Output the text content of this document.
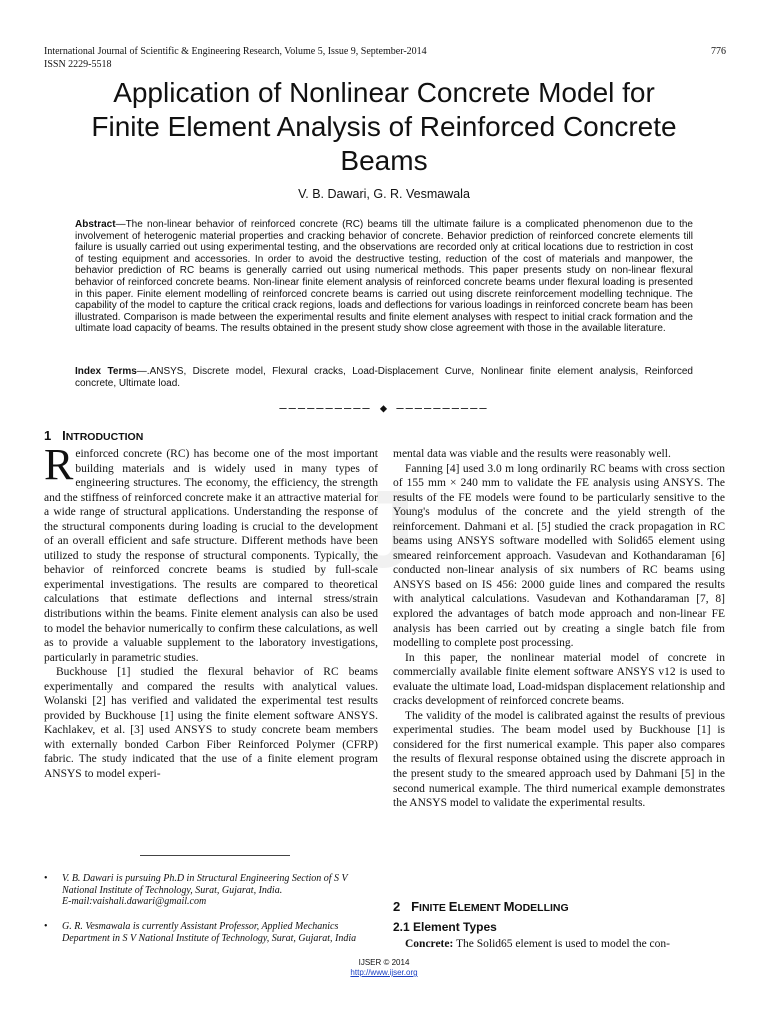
International Journal of Scientific & Engineering Research, Volume 5, Issue 9, September-2014	776
ISSN 2229-5518
J
Application of Nonlinear Concrete Model for
Finite Element Analysis of Reinforced Concrete
Beams
V. B. Dawari, G. R. Vesmawala
Abstract—The non-linear behavior of reinforced concrete (RC) beams till the ultimate failure is a complicated phenomenon due to the involvement of heterogenic material properties and cracking behavior of concrete. Behavior prediction of reinforced concrete elements till failure is usually carried out using experimental testing, and the observations are recorded only at critical locations due to restriction in cost of testing equipment and accessories. In order to avoid the destructive testing, reduction of the cost of materials and manpower, the behavior prediction of RC beams is generally carried out using numerical methods. This paper presents study on non-linear flexural behavior of reinforced concrete beams. Non-linear finite element analysis of reinforced concrete beams under flexural loading is presented in this paper. Finite element modelling of reinforced concrete beams is carried out using discrete reinforcement modelling technique. The capability of the model to capture the critical crack regions, loads and deflections for various loadings in reinforced concrete beam has been illustrated. Comparison is made between the experimental results and finite element analyses with respect to initial crack formation and the ultimate load capacity of beams. The results obtained in the present study show close agreement with those in the available literature.
Index Terms—.ANSYS, Discrete model, Flexural cracks, Load-Displacement Curve, Nonlinear finite element analysis, Reinforced concrete, Ultimate load.
—————————— ◆ ——————————
1 INTRODUCTION

Reinforced concrete (RC) has become one of the most important building materials and is widely used in many types of engineering structures. The economy, the efficiency, the strength and the stiffness of reinforced concrete make it an attractive material for a wide range of structural applications. Understanding the response of the structural components during loading is crucial to the development of an overall efficient and safe structure. Different methods have been utilized to study the response of structural components. Typically, the behavior of reinforced concrete beams is studied by full-scale experimental investigations. The results are compared to theoretical calculations that estimate deflections and internal stress/strain distributions within the beams. Finite element analysis can also be used to model the behavior numerically to confirm these calculations, as well as to provide a valuable supplement to the laboratory investigations, particularly in parametric studies.

Buckhouse [1] studied the flexural behavior of RC beams experimentally and compared the results with analytical values. Wolanski [2] has verified and validated the experimental test results provided by Buckhouse [1] using the finite element software ANSYS. Kachlakev, et al. [3] used ANSYS to study concrete beam members with externally bonded Carbon Fiber Reinforced Polymer (CFRP) fabric. The study indicated that the use of a finite element program ANSYS to model experi-

mental data was viable and the results were reasonably well.

Fanning [4] used 3.0 m long ordinarily RC beams with cross section of 155 mm × 240 mm to validate the FE analysis using ANSYS. The results of the FE models were found to be particularly sensitive to the Young's modulus of the concrete and the yield strength of the reinforcement. Dahmani et al. [5] studied the crack propagation in RC beams using ANSYS software modelled with Solid65 element using smeared reinforcement approach. Vasudevan and Kothandaraman [6] conducted non-linear analysis of six numbers of RC beams using ANSYS based on IS 456: 2000 guide lines and compared the results with analytical calculations. Vasudevan and Kothandaraman [7, 8] explored the advantages of batch mode approach and non-linear FE analysis has been carried out by creating a single batch file from modelling to complete post processing.

In this paper, the nonlinear material model of concrete in commercially available finite element software ANSYS v12 is used to evaluate the ultimate load, Load-midspan displacement relationship and cracks development of reinforced concrete beams.

The validity of the model is calibrated against the results of previous experimental studies. The beam model used by Buckhouse [1] is considered for the first numerical example. This paper also compares the results of flexural response obtained using the discrete approach in the present study to the smeared approach used by Dahmani [5] in the second numerical example. The third numerical example demonstrates the ANSYS model to validate the experimental results.

• V. B. Dawari is pursuing Ph.D in Structural Engineering Section of S V National Institute of Technology, Surat, Gujarat, India.
E-mail:vaishali.dawari@gmail.com
• G. R. Vesmawala is currently Assistant Professor, Applied Mechanics Department in S V National Institute of Technology, Surat, Gujarat, India
2 FINITE ELEMENT MODELLING
2.1 Element Types
Concrete: The Solid65 element is used to model the con-
IJSER © 2014
http://www.ijser.org
